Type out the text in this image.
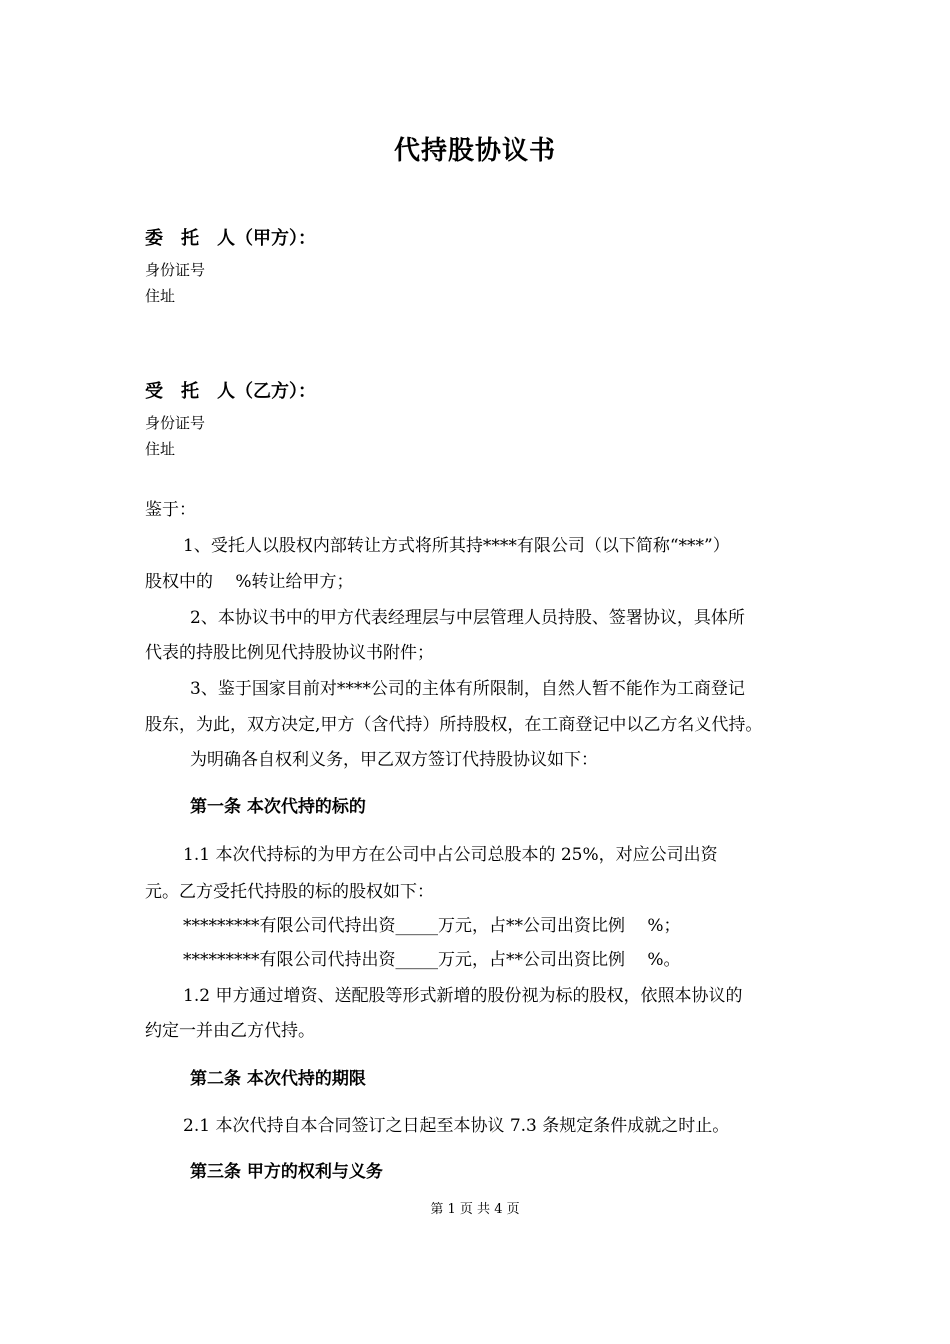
代持股协议书
委　托　人（甲方）：
身份证号
住址
受　托　人（乙方）：
身份证号
住址
鉴于：
1、受托人以股权内部转让方式将所其持****有限公司（以下简称“***”）
股权中的　 %转让给甲方；
2、本协议书中的甲方代表经理层与中层管理人员持股、签署协议，具体所
代表的持股比例见代持股协议书附件；
3、鉴于国家目前对****公司的主体有所限制，自然人暂不能作为工商登记
股东，为此，双方决定,甲方（含代持）所持股权，在工商登记中以乙方名义代持。
为明确各自权利义务，甲乙双方签订代持股协议如下：
第一条 本次代持的标的
1.1 本次代持标的为甲方在公司中占公司总股本的 25%，对应公司出资
元。乙方受托代持股的标的股权如下：
*********有限公司代持出资_____万元，占**公司出资比例　 %；
*********有限公司代持出资_____万元，占**公司出资比例　 %。
1.2 甲方通过增资、送配股等形式新增的股份视为标的股权，依照本协议的
约定一并由乙方代持。
第二条 本次代持的期限
2.1 本次代持自本合同签订之日起至本协议 7.3 条规定条件成就之时止。
第三条 甲方的权利与义务
第 1 页 共 4 页
